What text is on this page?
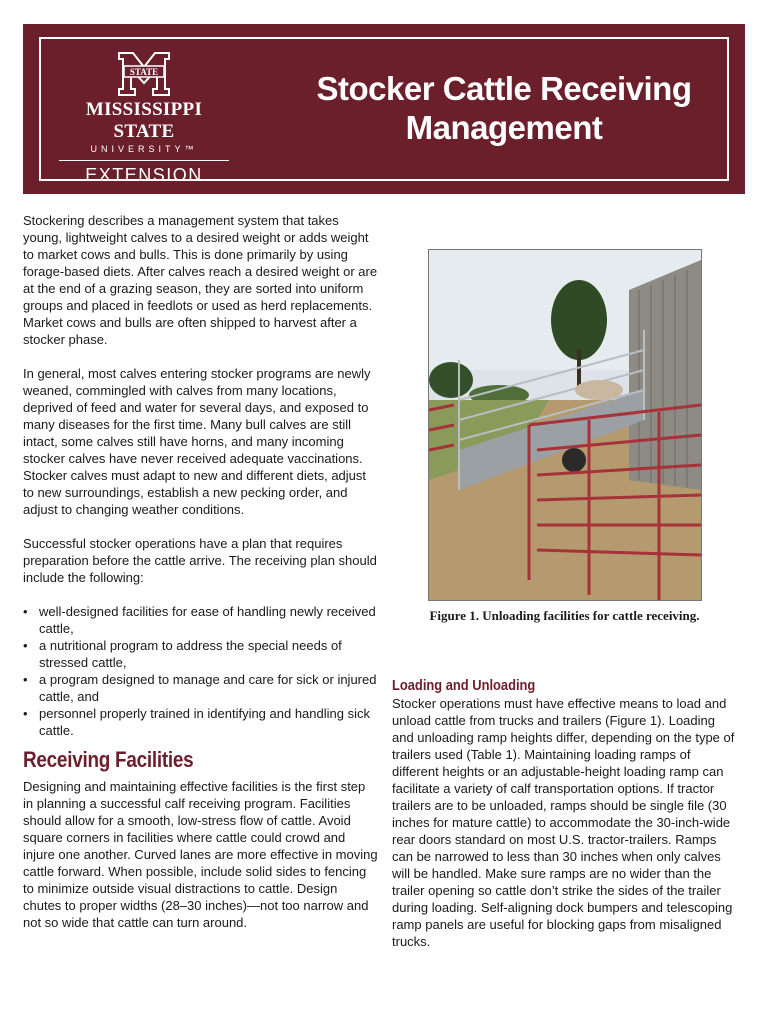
STATE
MISSISSIPPI STATE
UNIVERSITY™
EXTENSION
Stocker Cattle Receiving
Management

Stockering describes a management system that takes young, lightweight calves to a desired weight or adds weight to market cows and bulls. This is done primarily by using forage-based diets. After calves reach a desired weight or are at the end of a grazing season, they are sorted into uniform groups and placed in feedlots or used as herd replacements. Market cows and bulls are often shipped to harvest after a stocker phase.

In general, most calves entering stocker programs are newly weaned, commingled with calves from many locations, deprived of feed and water for several days, and exposed to many diseases for the first time. Many bull calves are still intact, some calves still have horns, and many incoming stocker calves have never received adequate vaccinations. Stocker calves must adapt to new and different diets, adjust to new surroundings, establish a new pecking order, and adjust to changing weather conditions.

Successful stocker operations have a plan that requires preparation before the cattle arrive. The receiving plan should include the following:

• well-designed facilities for ease of handling newly received cattle,
• a nutritional program to address the special needs of stressed cattle,
• a program designed to manage and care for sick or injured cattle, and
• personnel properly trained in identifying and handling sick cattle.
Receiving Facilities

Designing and maintaining effective facilities is the first step in planning a successful calf receiving program. Facilities should allow for a smooth, low-stress flow of cattle. Avoid square corners in facilities where cattle could crowd and injure one another. Curved lanes are more effective in moving cattle forward. When possible, include solid sides to fencing to minimize outside visual distractions to cattle. Design chutes to proper widths (28–30 inches)—not too narrow and not so wide that cattle can turn around.

Figure 1. Unloading facilities for cattle receiving.
Loading and Unloading

Stocker operations must have effective means to load and unload cattle from trucks and trailers (Figure 1). Loading and unloading ramp heights differ, depending on the type of trailers used (Table 1). Maintaining loading ramps of different heights or an adjustable-height loading ramp can facilitate a variety of calf transportation options. If tractor trailers are to be unloaded, ramps should be single file (30 inches for mature cattle) to accommodate the 30-inch-wide rear doors standard on most U.S. tractor-trailers. Ramps can be narrowed to less than 30 inches when only calves will be handled. Make sure ramps are no wider than the trailer opening so cattle don’t strike the sides of the trailer during loading. Self-aligning dock bumpers and telescoping ramp panels are useful for blocking gaps from misaligned trucks.
